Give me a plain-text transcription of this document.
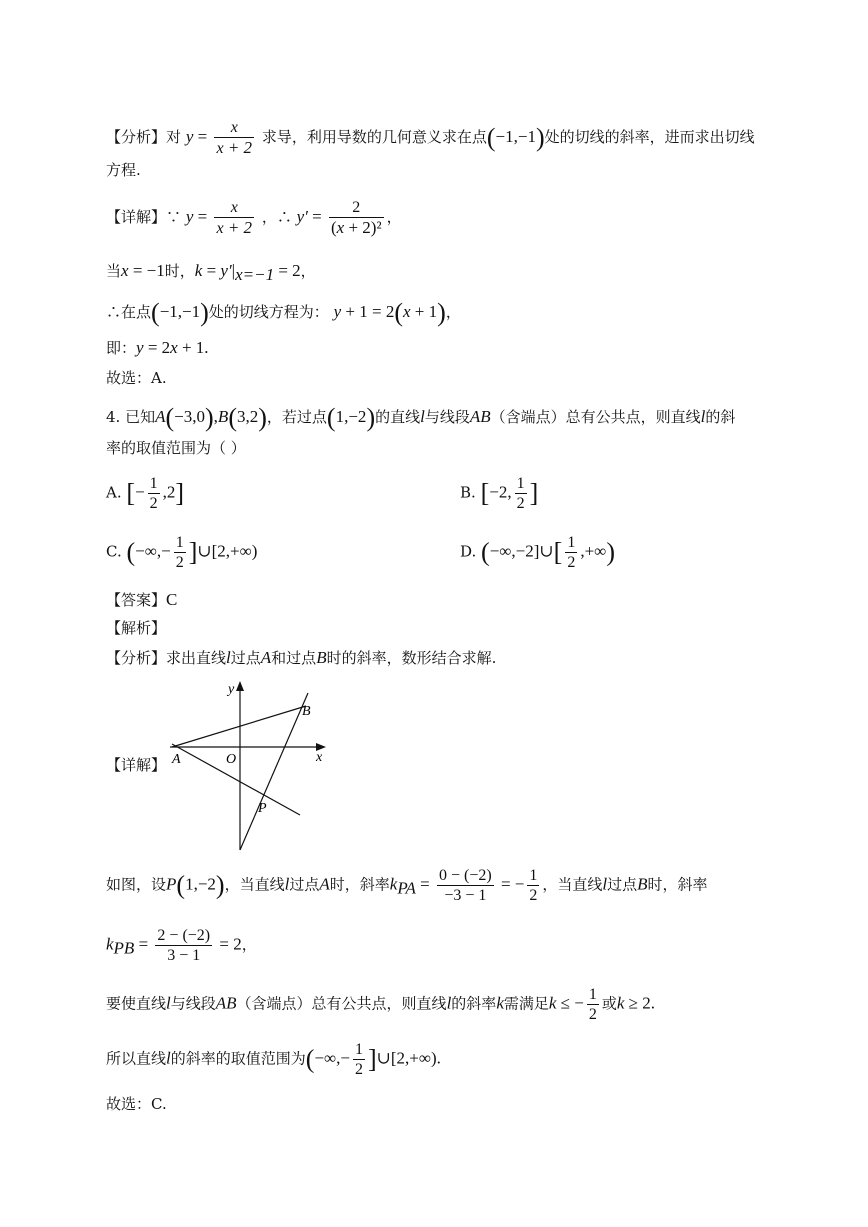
【分析】对 $y = \frac{x}{x + 2}$ 求导，利用导数的几何意义求在点(−1,−1)处的切线的斜率，进而求出切线
方程.
【详解】∵ $y = \frac{x}{x + 2}$ ，∴ $y' = \frac{2}{\text{(x + 2)²}}$ ，
当x = −1时，$k = y'|_{x=-1} = 2$，
∴在点(−1,−1)处的切线方程为： y + 1 = 2(x + 1)，
即：y = 2x + 1.
故选：A.
4. 已知A(−3,0),B(3,2)，若过点(1,−2)的直线l与线段AB（含端点）总有公共点，则直线l的斜
率的取值范围为（ ）
A. [− $\frac{1}{2} ,2$]	B. [−2, $\frac{1}{2}$ ]
C. (−∞,− $\frac{1}{2}$ ]∪[2,+∞)	D. (−∞,−2]∪[ $\frac{1}{2}$ ,+∞)
【答案】C
【解析】
【分析】求出直线l过点A和过点B时的斜率，数形结合求解.
【详解】
y
x
A	O
B
P
如图，设P(1,−2)，当直线l过点A时，斜率$k_{PA} = \frac{0 - (-2)}{-3 - 1}$ = − $\frac{1}{2}$ ，当直线l过点B时，斜率
$k_{PB} = \frac{2 - (-2)}{3 - 1} = 2$，
要使直线l与线段AB（含端点）总有公共点，则直线l的斜率k需满足k ≤ − $\frac{1}{2}$ 或k ≥ 2.
所以直线l的斜率的取值范围为(−∞,− $\frac{1}{2}$ ]∪[2,+∞).
故选：C.
